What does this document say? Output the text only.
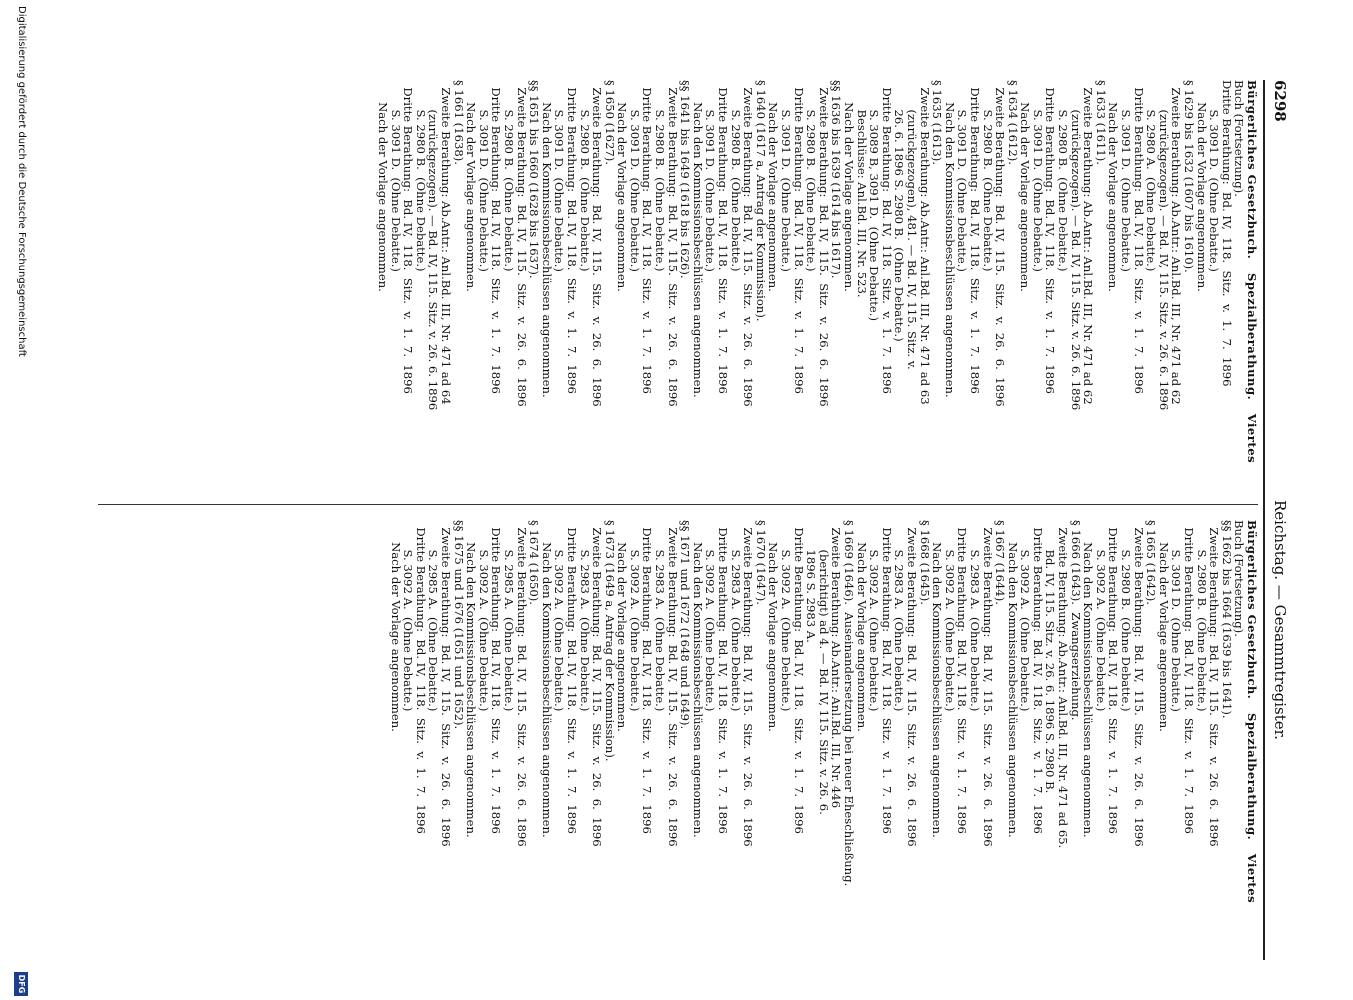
6298
Reichstag. — Gesammtregister.
Bürgerliches Gesetzbuch.   Spezialberathung.   Viertes
Buch (Fortsetzung).
Dritte Berathung:  Bd. IV,  118.  Sitz.  v.  1.  7.  1896
S. 3091 D.  (Ohne Debatte.)
Nach der Vorlage angenommen.
§ 1629 bis 1632 (1607 bis 1610).
Zweite Berathung: Ab.Antr.: Anl.Bd. III, Nr. 471 ad 62
(zurückgezogen). — Bd. IV, 115. Sitz. v. 26. 6. 1896
S. 2980 A.  (Ohne Debatte.)
Dritte Berathung:  Bd. IV,  118.  Sitz.  v.  1.  7.  1896
S. 3091 D.  (Ohne Debatte.)
Nach der Vorlage angenommen.
§ 1633 (1611).
Zweite Berathung: Ab.Antr.: Anl.Bd. III, Nr. 471 ad 62
(zurückgezogen). — Bd. IV, 115. Sitz. v. 26. 6. 1896
S. 2980 B.  (Ohne Debatte.)
Dritte Berathung:  Bd. IV,  118.  Sitz.  v.  1.  7.  1896
S. 3091 D.  (Ohne Debatte.)
Nach der Vorlage angenommen.
§ 1634 (1612).
Zweite Berathung:  Bd. IV,  115.  Sitz.  v.  26.  6.  1896
S. 2980 B.  (Ohne Debatte.)
Dritte Berathung:  Bd. IV,  118.  Sitz.  v.  1.  7.  1896
S. 3091 D.  (Ohne Debatte.)
Nach den Kommissionsbeschlüssen angenommen.
§ 1635 (1613).
Zweite Berathung: Ab.Antr.: Anl.Bd. III, Nr. 471 ad 63
(zurückgezogen), 481. — Bd. IV, 115. Sitz. v.
26. 6. 1896 S. 2980 B.  (Ohne Debatte.)
Dritte Berathung:  Bd. IV,  118.  Sitz.  v.  1.  7.  1896
S. 3089 B, 3091 D.  (Ohne Debatte.)
Beschlüsse: Anl.Bd. III, Nr. 523.
Nach der Vorlage angenommen.
§§ 1636 bis 1639 (1614 bis 1617).
Zweite Berathung:  Bd. IV,  115.  Sitz.  v.  26.  6.  1896
S. 2980 B.  (Ohne Debatte.)
Dritte Berathung:  Bd. IV,  118.  Sitz.  v.  1.  7.  1896
S. 3091 D.  (Ohne Debatte.)
Nach der Vorlage angenommen.
§ 1640 (1617 a, Antrag der Kommission).
Zweite Berathung:  Bd. IV,  115.  Sitz.  v.  26.  6.  1896
S. 2980 B.  (Ohne Debatte.)
Dritte Berathung:  Bd. IV,  118.  Sitz.  v.  1.  7.  1896
S. 3091 D.  (Ohne Debatte.)
Nach den Kommissionsbeschlüssen angenommen.
§§ 1641 bis 1649 (1618 bis 1626).
Zweite Berathung:  Bd. IV,  115.  Sitz.  v.  26.  6.  1896
S. 2980 B.  (Ohne Debatte.)
Dritte Berathung:  Bd. IV,  118.  Sitz.  v.  1.  7.  1896
S. 3091 D.  (Ohne Debatte.)
Nach der Vorlage angenommen.
§ 1650 (1627).
Zweite Berathung:  Bd. IV,  115.  Sitz.  v.  26.  6.  1896
S. 2980 B.  (Ohne Debatte.)
Dritte Berathung:  Bd. IV,  118.  Sitz.  v.  1.  7.  1896
S. 3091 D.  (Ohne Debatte.)
Nach den Kommissionsbeschlüssen angenommen.
§§ 1651 bis 1660 (1628 bis 1637).
Zweite Berathung:  Bd. IV,  115.  Sitz.  v.  26.  6.  1896
S. 2980 B.  (Ohne Debatte.)
Dritte Berathung:  Bd. IV,  118.  Sitz.  v.  1.  7.  1896
S. 3091 D.  (Ohne Debatte.)
Nach der Vorlage angenommen.
§ 1661 (1638).
Zweite Berathung: Ab.Antr.: Anl.Bd. III, Nr. 471 ad 64
(zurückgezogen). — Bd. IV, 115. Sitz. v. 26. 6. 1896
S. 2980 B.  (Ohne Debatte.)
Dritte Berathung:  Bd. IV,  118.  Sitz.  v.  1.  7.  1896
S. 3091 D.  (Ohne Debatte.)
Nach der Vorlage angenommen.
Bürgerliches Gesetzbuch.   Spezialberathung.   Viertes
Buch (Fortsetzung).
§§ 1662 bis 1664 (1639 bis 1641).
Zweite Berathung:  Bd. IV,  115.  Sitz.  v.  26.  6.  1896
S. 2980 B.  (Ohne Debatte.)
Dritte Berathung:  Bd. IV,  118.  Sitz.  v.  1.  7.  1896
S. 3091 D.  (Ohne Debatte.)
Nach der Vorlage angenommen.
§ 1665 (1642).
Zweite Berathung:  Bd. IV,  115.  Sitz.  v.  26.  6.  1896
S. 2980 B.  (Ohne Debatte.)
Dritte Berathung:  Bd. IV,  118.  Sitz.  v.  1.  7.  1896
S. 3092 A.  (Ohne Debatte.)
Nach den Kommissionsbeschlüssen angenommen.
§ 1666 (1643).  Zwangserziehung.
Zweite Berathung: Ab.Antr.: Anl.Bd. III, Nr. 471 ad 65.
Bd. IV, 115. Sitz. v. 26. 6. 1896 S. 2980 B.
Dritte Berathung:  Bd. IV,  118.  Sitz.  v.  1.  7.  1896
S. 3092 A.  (Ohne Debatte.)
Nach den Kommissionsbeschlüssen angenommen.
§ 1667 (1644).
Zweite Berathung:  Bd. IV,  115.  Sitz.  v.  26.  6.  1896
S. 2983 A.  (Ohne Debatte.)
Dritte Berathung:  Bd. IV,  118.  Sitz.  v.  1.  7.  1896
S. 3092 A.  (Ohne Debatte.)
Nach den Kommissionsbeschlüssen angenommen.
§ 1668 (1645).
Zweite Berathung:  Bd. IV,  115.  Sitz.  v.  26.  6.  1896
S. 2983 A.  (Ohne Debatte.)
Dritte Berathung:  Bd. IV,  118.  Sitz.  v.  1.  7.  1896
S. 3092 A.  (Ohne Debatte.)
Nach der Vorlage angenommen.
§ 1669 (1646).  Auseinandersetzung bei neuer Eheschließung.
Zweite Berathung: Ab.Antr.: Anl.Bd. III, Nr. 446
(berichtigt) ad 4. — Bd. IV, 115. Sitz. v. 26. 6.
1896 S. 2983 A.
Dritte Berathung:  Bd. IV,  118.  Sitz.  v.  1.  7.  1896
S. 3092 A.  (Ohne Debatte.)
Nach der Vorlage angenommen.
§ 1670 (1647).
Zweite Berathung:  Bd. IV,  115.  Sitz.  v.  26.  6.  1896
S. 2983 A.  (Ohne Debatte.)
Dritte Berathung:  Bd. IV,  118.  Sitz.  v.  1.  7.  1896
S. 3092 A.  (Ohne Debatte.)
Nach den Kommissionsbeschlüssen angenommen.
§§ 1671 und 1672 (1648 und 1649).
Zweite Berathung:  Bd. IV,  115.  Sitz.  v.  26.  6.  1896
S. 2983 A.  (Ohne Debatte.)
Dritte Berathung:  Bd. IV,  118.  Sitz.  v.  1.  7.  1896
S. 3092 A.  (Ohne Debatte.)
Nach der Vorlage angenommen.
§ 1673 (1649 a, Antrag der Kommission).
Zweite Berathung:  Bd. IV,  115.  Sitz.  v.  26.  6.  1896
S. 2983 A.  (Ohne Debatte.)
Dritte Berathung:  Bd. IV,  118.  Sitz.  v.  1.  7.  1896
S. 3092 A.  (Ohne Debatte.)
Nach den Kommissionsbeschlüssen angenommen.
§ 1674 (1650).
Zweite Berathung:  Bd. IV,  115.  Sitz.  v.  26.  6.  1896
S. 2985 A.  (Ohne Debatte.)
Dritte Berathung:  Bd. IV,  118.  Sitz.  v.  1.  7.  1896
S. 3092 A.  (Ohne Debatte.)
Nach den Kommissionsbeschlüssen angenommen.
§§ 1675 und 1676 (1651 und 1652).
Zweite Berathung:  Bd. IV,  115.  Sitz.  v.  26.  6.  1896
S. 2985 A.  (Ohne Debatte.)
Dritte Berathung:  Bd. IV,  118.  Sitz.  v.  1.  7.  1896
S. 3092 A.  (Ohne Debatte.)
Nach der Vorlage angenommen.
Digitalisierung gefördert durch die Deutsche Forschungsgemeinschaft
DFG
